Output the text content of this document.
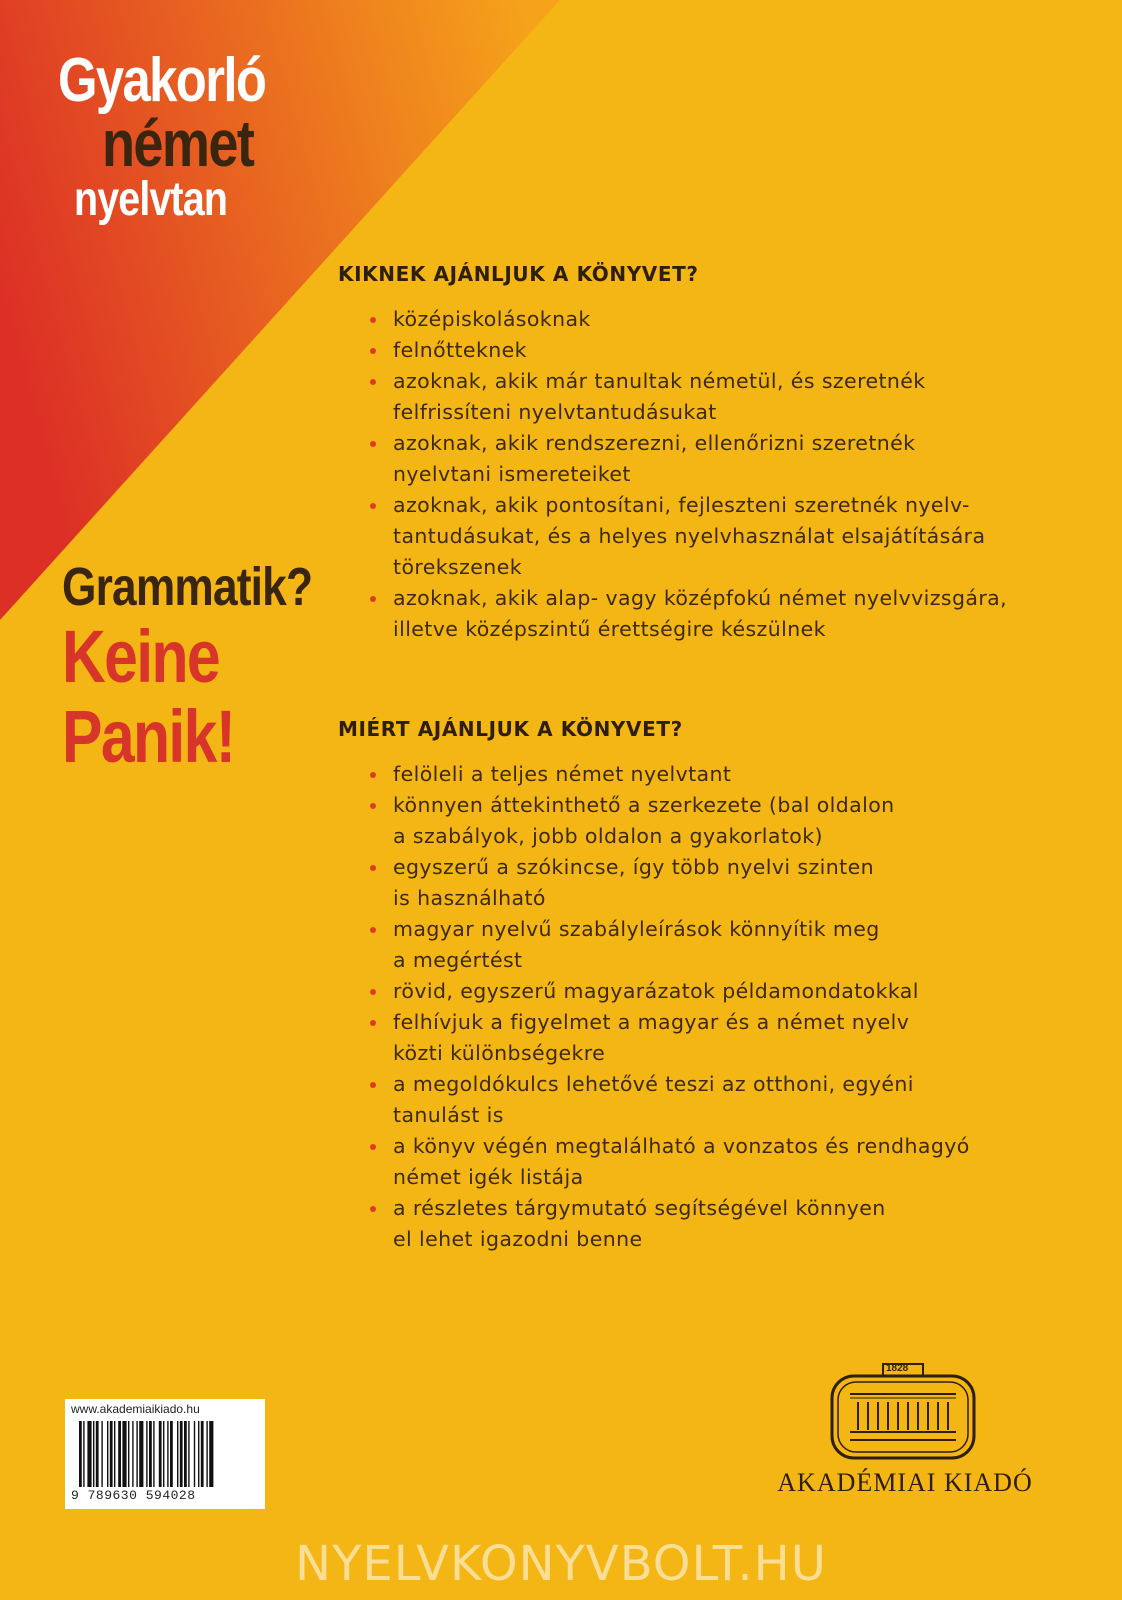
Gyakorló
német
nyelvtan
Grammatik?
Keine
Panik!
KIKNEK AJÁNLJUK A KÖNYVET?
középiskolásoknak
felnőtteknek
azoknak, akik már tanultak németül, és szeretnék
felfrissíteni nyelvtantudásukat
azoknak, akik rendszerezni, ellenőrizni szeretnék
nyelvtani ismereteiket
azoknak, akik pontosítani, fejleszteni szeretnék nyelv-
tantudásukat, és a helyes nyelvhasználat elsajátítására
törekszenek
azoknak, akik alap- vagy középfokú német nyelvvizsgára,
illetve középszintű érettségire készülnek
MIÉRT AJÁNLJUK A KÖNYVET?
felöleli a teljes német nyelvtant
könnyen áttekinthető a szerkezete (bal oldalon
a szabályok, jobb oldalon a gyakorlatok)
egyszerű a szókincse, így több nyelvi szinten
is használható
magyar nyelvű szabályleírások könnyítik meg
a megértést
rövid, egyszerű magyarázatok példamondatokkal
felhívjuk a figyelmet a magyar és a német nyelv
közti különbségekre
a megoldókulcs lehetővé teszi az otthoni, egyéni
tanulást is
a könyv végén megtalálható a vonzatos és rendhagyó
német igék listája
a részletes tárgymutató segítségével könnyen
el lehet igazodni benne
www.akademiaikiado.hu
9 789630 594028
1828
AKADÉMIAI KIADÓ
NYELVKONYVBOLT.HU
